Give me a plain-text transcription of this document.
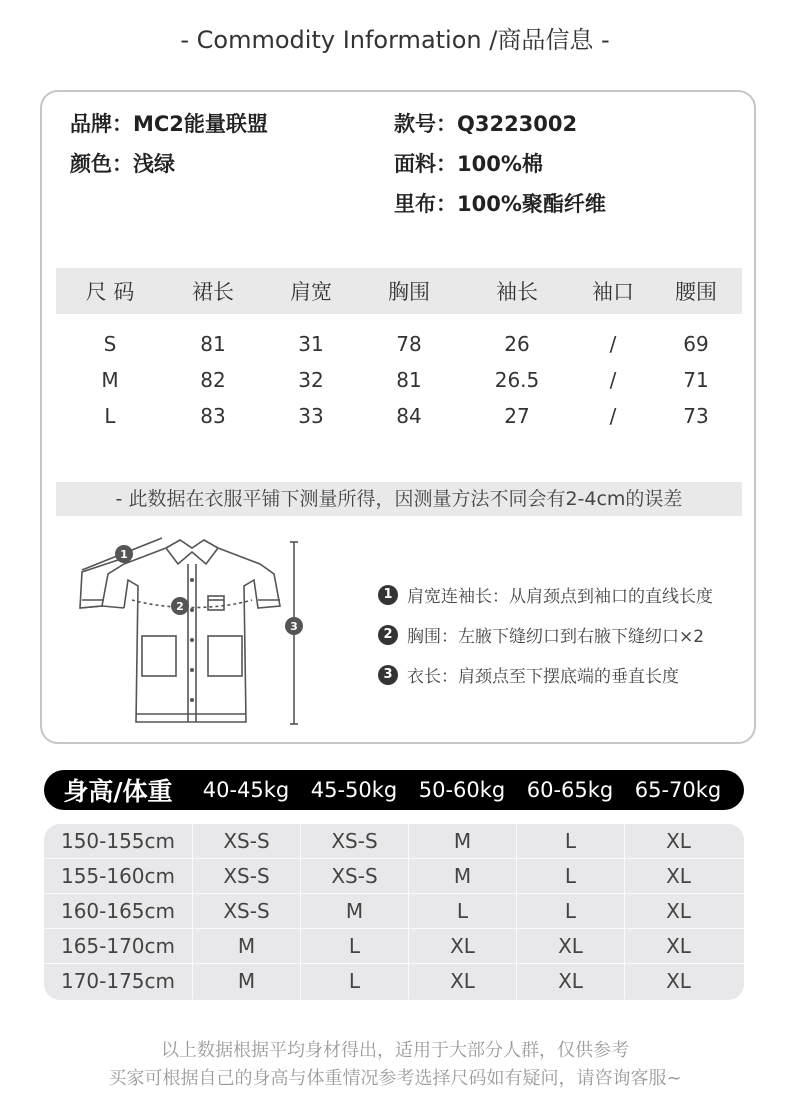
- Commodity Information /商品信息 -
品牌：MC2能量联盟	款号：Q3223002
颜色：浅绿	面料：100%棉
里布：100%聚酯纤维
尺 码	裙长	肩宽	胸围	袖长	袖口	腰围
S	81	31	78	26	/	69
M	82	32	81	26.5	/	71
L	83	33	84	27	/	73
- 此数据在衣服平铺下测量所得，因测量方法不同会有2-4cm的误差
1
2
3
1 肩宽连袖长：从肩颈点到袖口的直线长度
2 胸围：左腋下缝纫口到右腋下缝纫口×2
3 衣长：肩颈点至下摆底端的垂直长度
身高/体重	40-45kg	45-50kg	50-60kg	60-65kg	65-70kg
150-155cm	XS-S	XS-S	M	L	XL
155-160cm	XS-S	XS-S	M	L	XL
160-165cm	XS-S	M	L	L	XL
165-170cm	M	L	XL	XL	XL
170-175cm	M	L	XL	XL	XL
以上数据根据平均身材得出，适用于大部分人群，仅供参考
买家可根据自己的身高与体重情况参考选择尺码如有疑问，请咨询客服~
